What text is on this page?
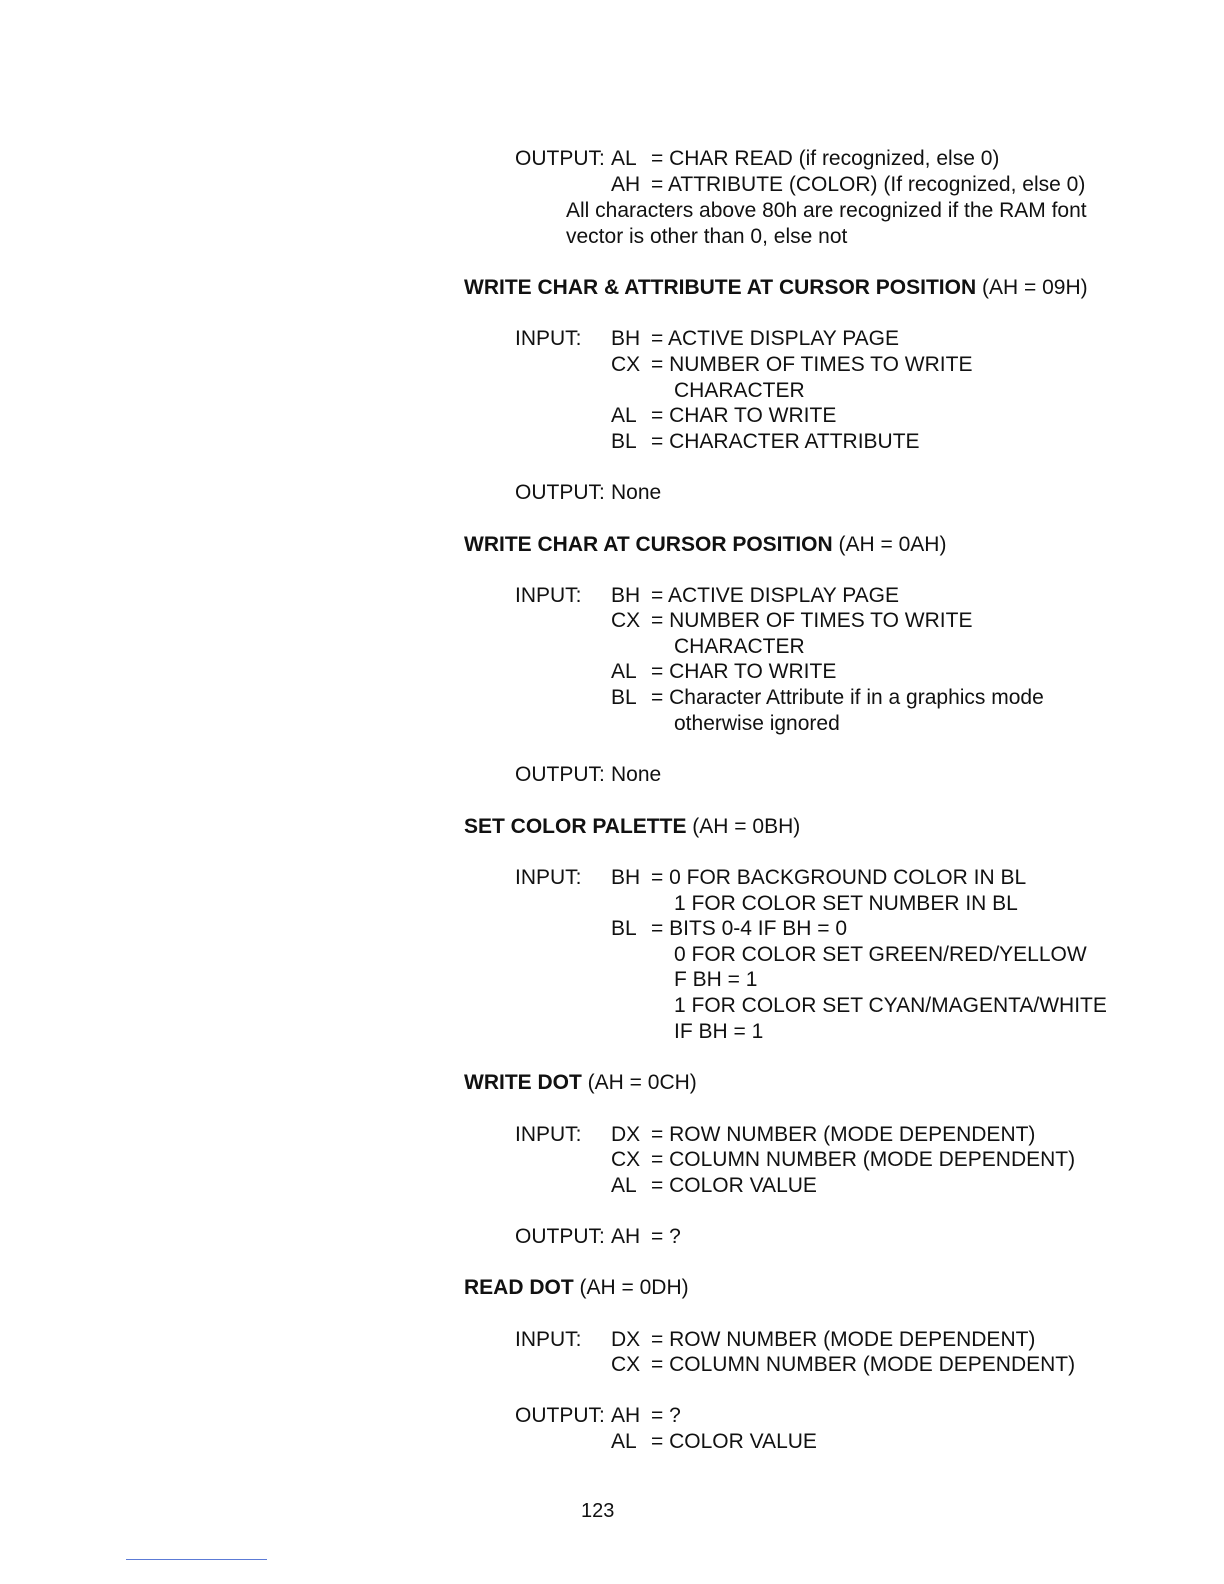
OUTPUT: AL = CHAR READ (if recognized, else 0)
AH = ATTRIBUTE (COLOR) (If recognized, else 0)
All characters above 80h are recognized if the RAM font
vector is other than 0, else not
WRITE CHAR & ATTRIBUTE AT CURSOR POSITION (AH = 09H)
INPUT: BH = ACTIVE DISPLAY PAGE
CX = NUMBER OF TIMES TO WRITE
CHARACTER
AL = CHAR TO WRITE
BL = CHARACTER ATTRIBUTE
OUTPUT: None
WRITE CHAR AT CURSOR POSITION (AH = 0AH)
INPUT: BH = ACTIVE DISPLAY PAGE
CX = NUMBER OF TIMES TO WRITE
CHARACTER
AL = CHAR TO WRITE
BL = Character Attribute if in a graphics mode
otherwise ignored
OUTPUT: None
SET COLOR PALETTE (AH = 0BH)
INPUT: BH = 0 FOR BACKGROUND COLOR IN BL
1 FOR COLOR SET NUMBER IN BL
BL = BITS 0-4 IF BH = 0
0 FOR COLOR SET GREEN/RED/YELLOW
F BH = 1
1 FOR COLOR SET CYAN/MAGENTA/WHITE
IF BH = 1
WRITE DOT (AH = 0CH)
INPUT: DX = ROW NUMBER (MODE DEPENDENT)
CX = COLUMN NUMBER (MODE DEPENDENT)
AL = COLOR VALUE
OUTPUT: AH = ?
READ DOT (AH = 0DH)
INPUT: DX = ROW NUMBER (MODE DEPENDENT)
CX = COLUMN NUMBER (MODE DEPENDENT)
OUTPUT: AH = ?
AL = COLOR VALUE
123
